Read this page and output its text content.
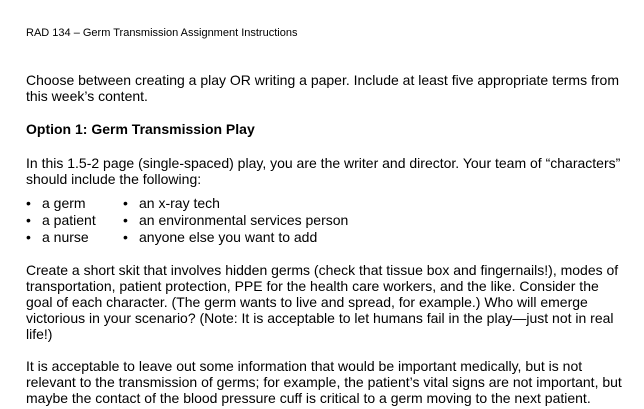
RAD 134 – Germ Transmission Assignment Instructions

Choose between creating a play OR writing a paper. Include at least five appropriate terms from this week’s content.

Option 1: Germ Transmission Play

In this 1.5-2 page (single-spaced) play, you are the writer and director. Your team of “characters” should include the following:

• a germ
• a patient
• a nurse
• an x-ray tech
• an environmental services person
• anyone else you want to add

Create a short skit that involves hidden germs (check that tissue box and fingernails!), modes of transportation, patient protection, PPE for the health care workers, and the like. Consider the goal of each character. (The germ wants to live and spread, for example.) Who will emerge victorious in your scenario? (Note: It is acceptable to let humans fail in the play—just not in real life!)

It is acceptable to leave out some information that would be important medically, but is not relevant to the transmission of germs; for example, the patient’s vital signs are not important, but maybe the contact of the blood pressure cuff is critical to a germ moving to the next patient.
